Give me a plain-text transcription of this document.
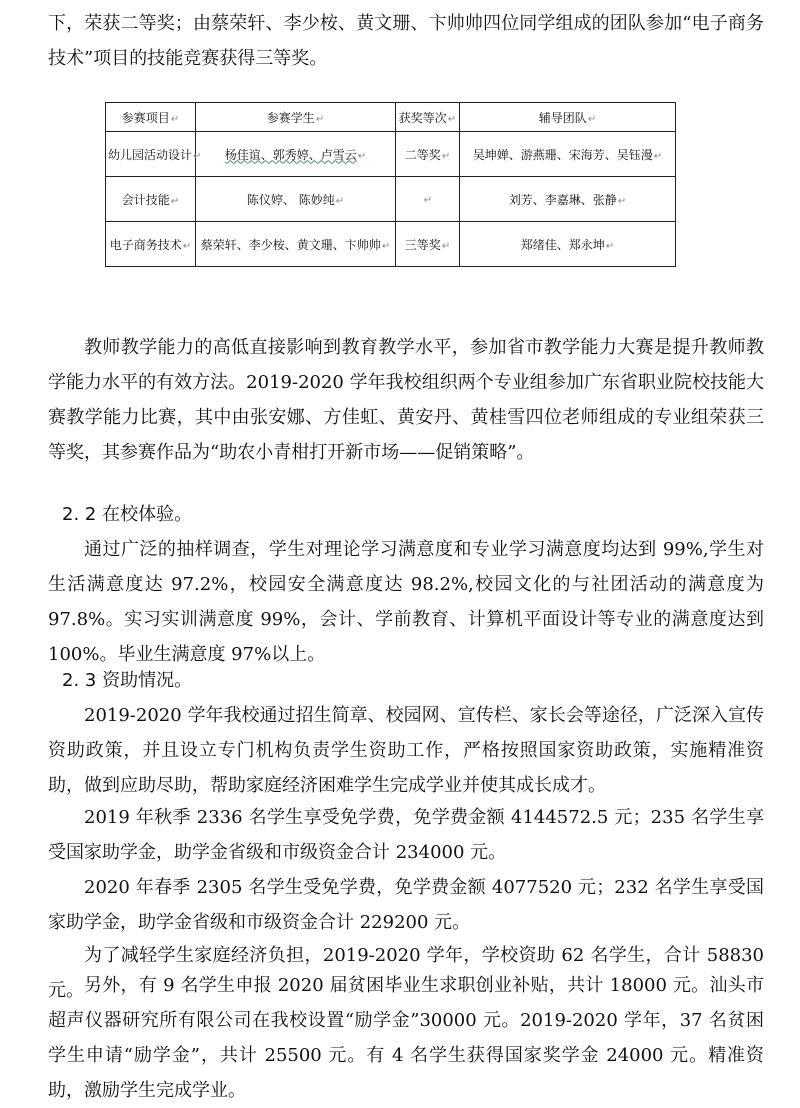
下，荣获二等奖；由蔡荣轩、李少桉、黄文珊、卞帅帅四位同学组成的团队参加“电子商务技术”项目的技能竞赛获得三等奖。

参赛项目↵	参赛学生↵	获奖等次↵	辅导团队↵
幼儿园活动设计↵	杨佳谊、郭秀婷、卢雪云↵	二等奖↵	吴坤婵、游燕珊、宋海芳、吴钰漫↵
会计技能↵	陈仪婷、 陈妙纯↵	↵	刘芳、李嘉琳、张静↵
电子商务技术↵	蔡荣轩、李少桉、黄文珊、卞帅帅↵	三等奖↵	郑绪佳、郑永坤↵

教师教学能力的高低直接影响到教育教学水平，参加省市教学能力大赛是提升教师教学能力水平的有效方法。2019-2020 学年我校组织两个专业组参加广东省职业院校技能大赛教学能力比赛，其中由张安娜、方佳虹、黄安丹、黄桂雪四位老师组成的专业组荣获三等奖，其参赛作品为“助农小青柑打开新市场——促销策略”。

2. 2 在校体验。

通过广泛的抽样调查，学生对理论学习满意度和专业学习满意度均达到 99%,学生对生活满意度达 97.2%，校园安全满意度达 98.2%,校园文化的与社团活动的满意度为97.8%。实习实训满意度 99%，会计、学前教育、计算机平面设计等专业的满意度达到100%。毕业生满意度 97%以上。

2. 3 资助情况。

2019-2020 学年我校通过招生简章、校园网、宣传栏、家长会等途径，广泛深入宣传资助政策，并且设立专门机构负责学生资助工作，严格按照国家资助政策，实施精准资助，做到应助尽助，帮助家庭经济困难学生完成学业并使其成长成才。

2019 年秋季 2336 名学生享受免学费，免学费金额 4144572.5 元；235 名学生享受国家助学金，助学金省级和市级资金合计 234000 元。

2020 年春季 2305 名学生受免学费，免学费金额 4077520 元；232 名学生享受国家助学金，助学金省级和市级资金合计 229200 元。

为了减轻学生家庭经济负担，2019-2020 学年，学校资助 62 名学生，合计 58830 元。 另外，有 9 名学生申报 2020 届贫困毕业生求职创业补贴，共计 18000 元。汕头市超声仪器研究所有限公司在我校设置“励学金”30000 元。2019-2020 学年，37 名贫困学生申请“励学金”，共计 25500 元。有 4 名学生获得国家奖学金 24000 元。精准资助，激励学生完成学业。
